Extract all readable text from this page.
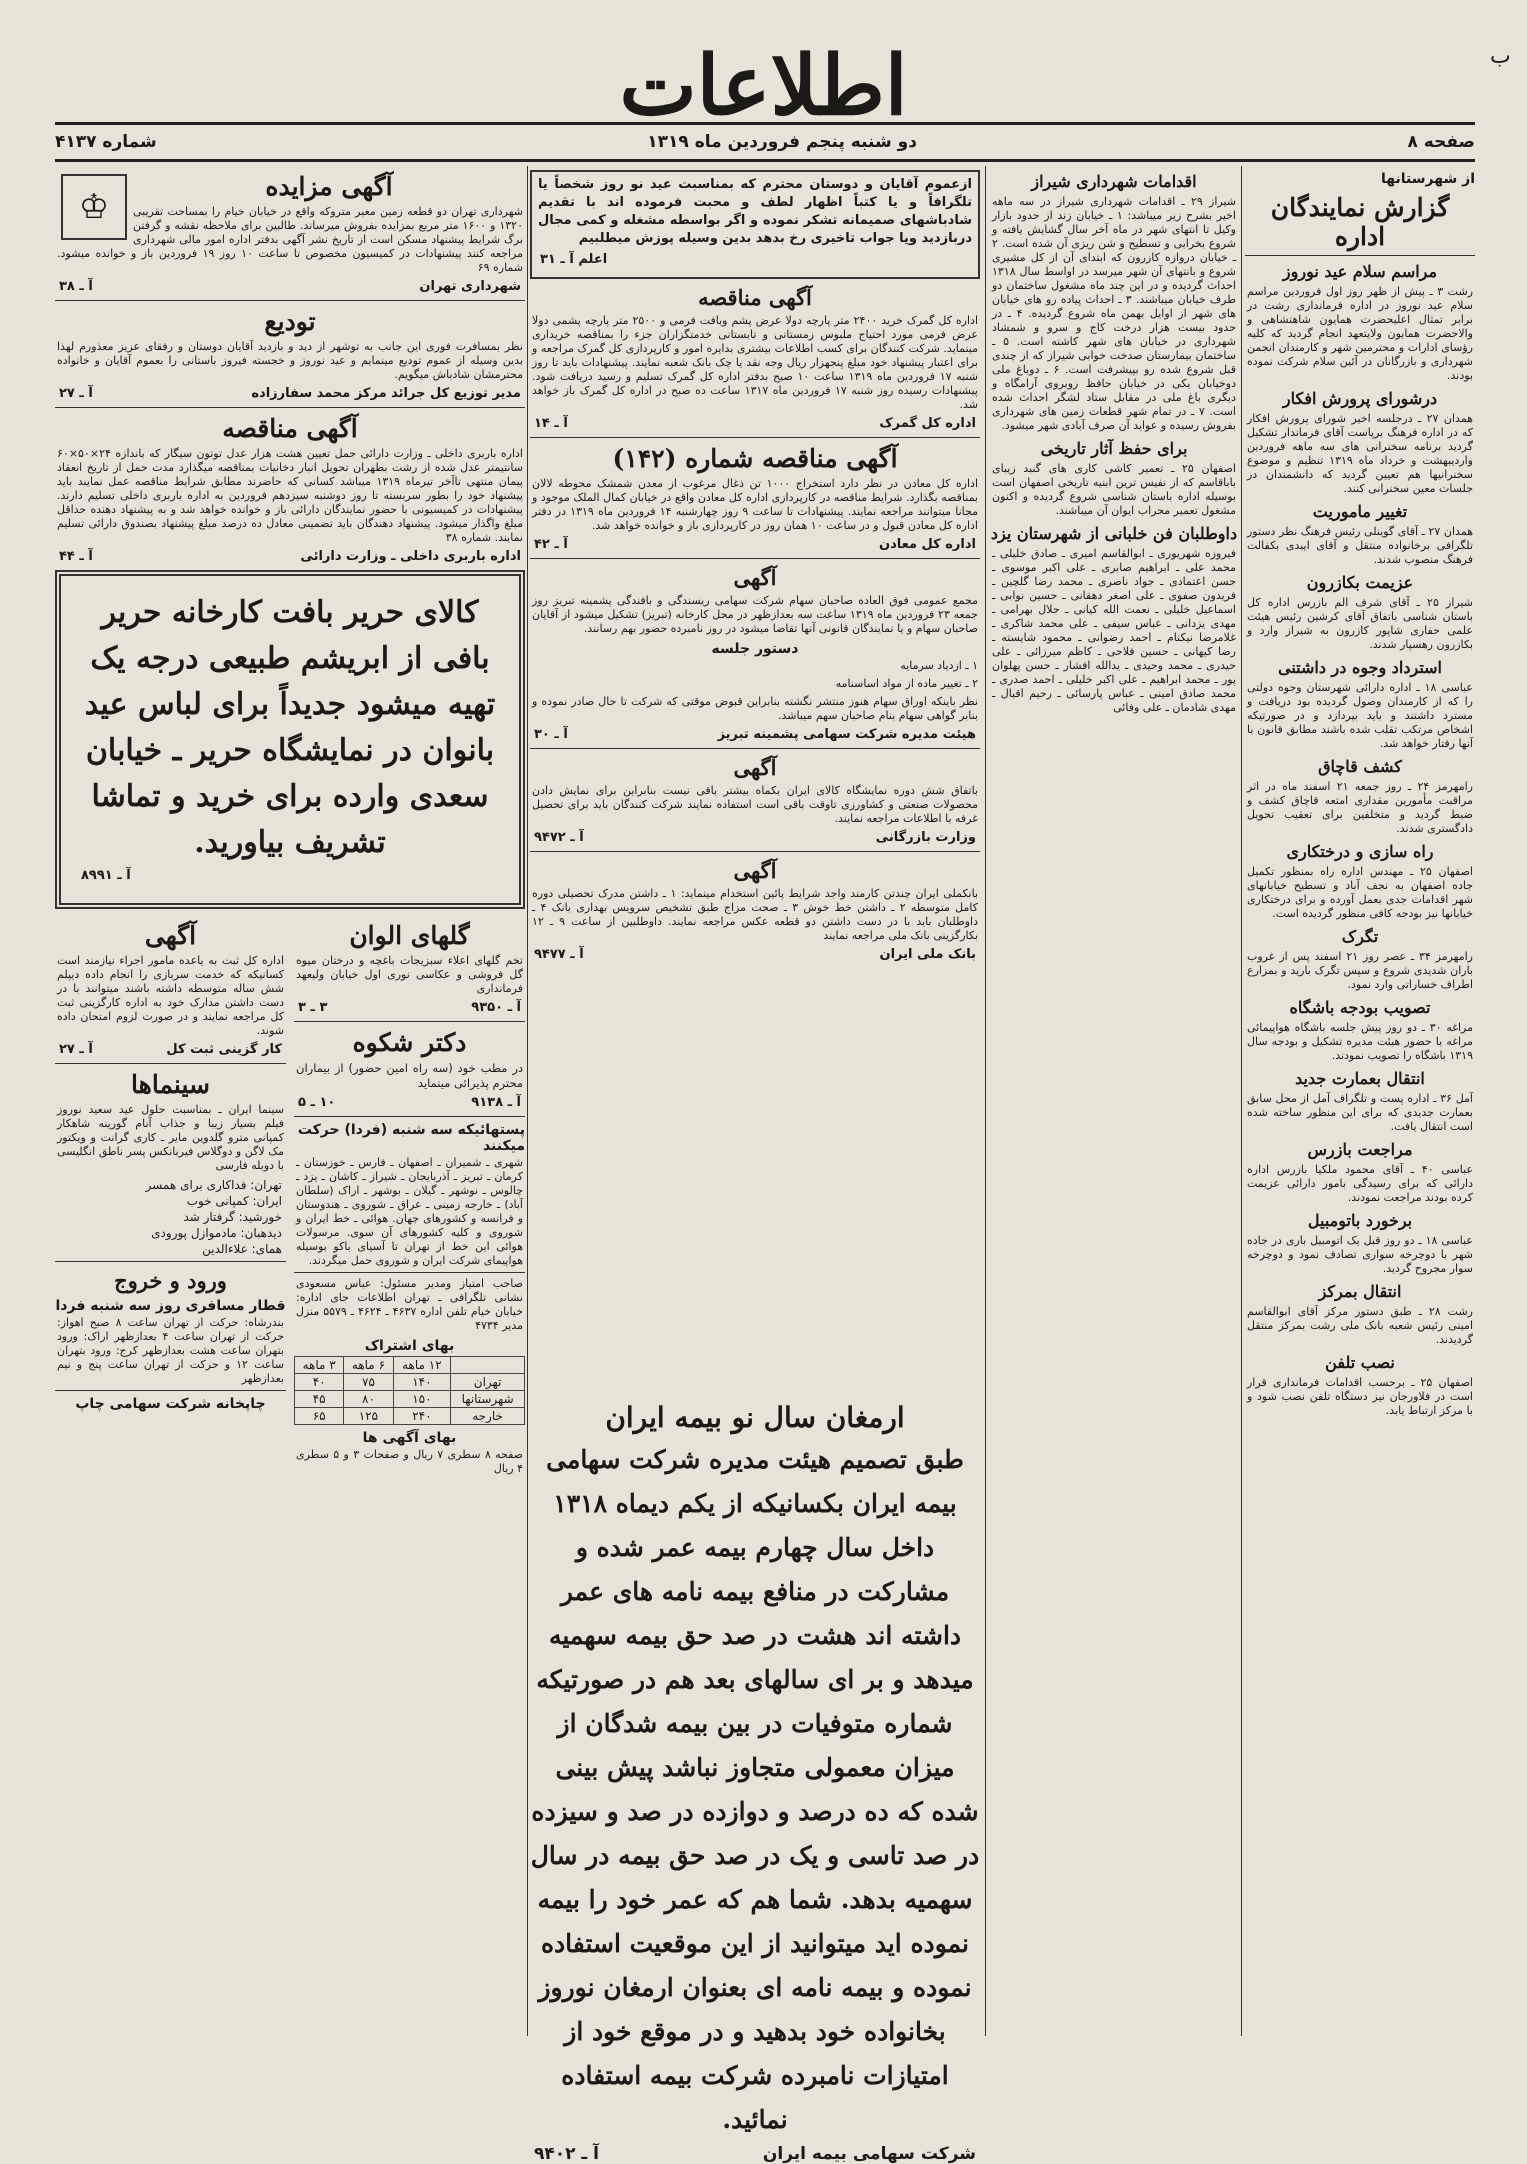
ب
اطلاعات
صفحه ۸
دو شنبه پنجم فروردین ماه ۱۳۱۹
شماره ۴۱۳۷
از شهرستانها
گزارش نمایندگان اداره
مراسم سلام عید نوروز
رشت ۳ ـ پیش از ظهر روز اول فروردین مراسم سلام عید نوروز در اداره فرمانداری رشت در برابر تمثال اعلیحضرت همایون شاهنشاهی و والاحضرت همایون ولایتعهد انجام گردید که کلیه رؤسای ادارات و محترمین شهر و کارمندان انجمن شهرداری و بازرگانان در آئین سلام شرکت نموده بودند.
درشورای پرورش افکار
همدان ۲۷ ـ درجلسه اخیر شورای پرورش افکار که در اداره فرهنگ برپاست آقای فرماندار تشکیل گردید برنامه سخنرانی های سه ماهه فروردین واردیبهشت و خرداد ماه ۱۳۱۹ تنظیم و موضوع سخنرانیها هم تعیین گردید که دانشمندان در جلسات معین سخنرانی کنند.
تغییر ماموریت
همدان ۲۷ ـ آقای گوینلی رئیس فرهنگ نظر دستور تلگرافی برخانواده منتقل و آقای ایبدی بکفالت فرهنگ منصوب شدند.
عزیمت بکازرون
شیراز ۲۵ ـ آقای شرف الم بازرس اداره کل باستان شناسی باتفاق آقای کرشین رئیس هیئت علمی حفاری شاپور کازرون به شیراز وارد و بکازرون رهسپار شدند.
استرداد وجوه در داشتنی
عباسی ۱۸ ـ اداره دارائی شهرستان وجوه دولتی را که از کارمندان وصول گردیده بود دریافت و مسترد داشتند و باید بپردازد و در صورتیکه اشخاص مرتکب تقلب شده باشند مطابق قانون با آنها رفتار خواهد شد.
کشف قاچاق
رامهرمز ۲۴ ـ روز جمعه ۲۱ اسفند ماه در اثر مراقبت مأمورین مقداری امتعه قاچاق کشف و ضبط گردید و متخلفین برای تعقیب تحویل دادگستری شدند.
راه سازی و درختکاری
اصفهان ۲۵ ـ مهندس اداره راه بمنظور تکمیل جاده اصفهان به نجف آباد و تسطیح خیابانهای شهر اقدامات جدی بعمل آورده و برای درختکاری خیابانها نیز بودجه کافی منظور گردیده است.
تگرک
رامهرمز ۳۴ ـ عصر روز ۲۱ اسفند پس از غروب باران شدیدی شروع و سپس تگرک بارید و بمزارع اطراف خساراتی وارد نمود.
تصویب بودجه باشگاه
مراغه ۳۰ ـ دو روز پیش جلسه باشگاه هواپیمائی مراغه با حضور هیئت مدیره تشکیل و بودجه سال ۱۳۱۹ باشگاه را تصویب نمودند.
انتقال بعمارت جدید
آمل ۳۶ ـ اداره پست و تلگراف آمل از محل سابق بعمارت جدیدی که برای این منظور ساخته شده است انتقال یافت.
مراجعت بازرس
عباسی ۴۰ ـ آقای محمود ملکیا بازرس اداره دارائی که برای رسیدگی بامور دارائی عزیمت کرده بودند مراجعت نمودند.
برخورد باتومبیل
عباسی ۱۸ ـ دو روز قبل یک اتومبیل باری در جاده شهر با دوچرخه سواری تصادف نمود و دوچرخه سوار مجروح گردید.
انتقال بمرکز
رشت ۲۸ ـ طبق دستور مرکز آقای ابوالقاسم امینی رئیس شعبه بانک ملی رشت بمرکز منتقل گردیدند.
نصب تلفن
اصفهان ۲۵ ـ برحسب اقدامات فرمانداری قرار است در فلاورجان نیز دستگاه تلفن نصب شود و با مرکز ارتباط یابد.
اقدامات شهرداری شیراز
شیراز ۲۹ ـ اقدامات شهرداری شیراز در سه ماهه اخیر بشرح زیر میباشد: ۱ ـ خیابان زند از حدود بازار وکیل تا انتهای شهر در ماه آخر سال گشایش یافته و شروع بخرابی و تسطیح و شن ریزی آن شده است. ۲ ـ خیابان دروازه کازرون که ابتدای آن از کل مشیری شروع و بانتهای آن شهر میرسد در اواسط سال ۱۳۱۸ احداث گردیده و در این چند ماه مشغول ساختمان دو طرف خیابان میباشند. ۳ ـ احداث پیاده رو های خیابان های شهر از اوایل بهمن ماه شروع گردیده. ۴ ـ در حدود بیست هزار درخت کاج و سرو و شمشاد شهرداری در خیابان های شهر کاشته است. ۵ ـ ساختمان بیمارستان صدخت خوابی شیراز که از چندی قبل شروع شده رو بپیشرفت است. ۶ ـ دوباغ ملی دوخیابان یکی در خیابان حافظ روبروی آرامگاه و دیگری باغ ملی در مقابل ستاد لشگر احداث شده است. ۷ ـ در تمام شهر قطعات زمین های شهرداری بفروش رسیده و عواید آن صرف آبادی شهر میشود.
برای حفظ آثار تاریخی
اصفهان ۲۵ ـ تعمیر کاشی کاری های گنبد زیبای باباقاسم که از نفیس ترین ابنیه تاریخی اصفهان است بوسیله اداره باستان شناسی شروع گردیده و اکنون مشغول تعمیر محراب ایوان آن میباشند.
داوطلبان فن خلبانی از شهرستان یزد
فیروزه شهریوری ـ ابوالقاسم امیری ـ صادق خلیلی ـ محمد علی ـ ابراهیم صابری ـ علی اکبر موسوی ـ حسن اعتمادی ـ جواد ناصری ـ محمد رضا گلچین ـ فریدون صفوی ـ علی اصغر دهقانی ـ حسین نوابی ـ اسماعیل خلیلی ـ نعمت الله کیانی ـ جلال بهرامی ـ مهدی یزدانی ـ عباس سیفی ـ علی محمد شاکری ـ غلامرضا نیکنام ـ احمد رضوانی ـ محمود شایسته ـ رضا کیهانی ـ حسین فلاحی ـ کاظم میرزائی ـ علی حیدری ـ محمد وحیدی ـ یدالله افشار ـ حسن پهلوان پور ـ محمد ابراهیم ـ علی اکبر خلیلی ـ احمد صدری ـ محمد صادق امینی ـ عباس پارسائی ـ رحیم اقبال ـ مهدی شادمان ـ علی وفائی
ازعموم آقایان و دوستان محترم که بمناسبت عید نو روز شخصاً یا تلگرافاً و یا کتباً اظهار لطف و محبت فرموده اند با تقدیم شادباشهای صمیمانه تشکر نموده و اگر بواسطه مشغله و کمی مجال دربازدید ویا جواب تاخیری رخ بدهد بدین وسیله پوزش میطلبیم
اعلم آ ـ ۳۱
آگهی مناقصه
اداره کل گمرک خرید ۲۴۰۰ متر پارچه دولا عرض پشم وبافت فرمی و ۲۵۰۰ متر پارچه پشمی دولا عرض فرمی مورد احتیاج ملبوس زمستانی و تابستانی خدمتگزاران جزء را بمناقصه خریداری مینماید. شرکت کنندگان برای کسب اطلاعات بیشتری بدایره امور و کارپردازی کل گمرک مراجعه و برای اعتبار پیشنهاد خود مبلغ پنجهزار ریال وجه نقد یا چک بانک شعبه نمایند. پیشنهادات باید تا روز شنبه ۱۷ فروردین ماه ۱۳۱۹ ساعت ۱۰ صبح بدفتر اداره کل گمرک تسلیم و رسید دریافت شود. پیشنهادات رسیده روز شنبه ۱۷ فروردین ماه ۱۳۱۷ ساعت ده صبح در اداره کل گمرک باز خواهد شد.
اداره کل گمرک
آ ـ ۱۴
آگهی مناقصه شماره (۱۴۲)
اداره کل معادن در نظر دارد استخراج ۱۰۰۰ تن ذغال مرغوب از معدن شمشک محوطه لالان بمناقصه بگذارد. شرایط مناقصه در کارپردازی اداره کل معادن واقع در خیابان کمال الملک موجود و مجانا میتوانند مراجعه نمایند. پیشنهادات تا ساعت ۹ روز چهارشنبه ۱۴ فروردین ماه ۱۳۱۹ در دفتر اداره کل معادن قبول و در ساعت ۱۰ همان روز در کارپردازی باز و خوانده خواهد شد.
اداره کل معادن
آ ـ ۴۲
آگهی
مجمع عمومی فوق العاده صاحبان سهام شرکت سهامی ریسندگی و بافندگی پشمینه تبریز روز جمعه ۲۳ فروردین ماه ۱۳۱۹ ساعت سه بعدازظهر در محل کارخانه (تبریز) تشکیل میشود از آقایان صاحبان سهام و یا نمایندگان قانونی آنها تقاضا میشود در روز نامبرده حضور بهم رسانند.
دستور جلسه
۱ ـ ازدیاد سرمایه
۲ ـ تغییر ماده از مواد اساسنامه
نظر باینکه اوراق سهام هنوز منتشر نگشته بنابراین قبوض موقتی که شرکت تا حال صادر نموده و بنابر گواهی سهام بنام صاحبان سهم میباشد.
هیئت مدیره شرکت سهامی پشمینه تبریز
آ ـ ۳۰
آگهی
باتفاق شش دوره نمایشگاه کالای ایران بکماه بیشتر باقی نیست بنابراین برای نمایش دادن محصولات صنعتی و کشاورزی تاوقت باقی است استفاده نمایند شرکت کنندگان باید برای تحصیل غرفه با اطلاعات مراجعه نمایند.
وزارت بازرگانی
آ ـ ۹۴۷۲
آگهی
بانکملی ایران چندتن کارمند واجد شرایط پائین استخدام مینماید: ۱ ـ داشتن مدرک تحصیلی دوره کامل متوسطه ۲ ـ داشتن خط خوش ۳ ـ صحت مزاج طبق تشخیص سرویس بهداری بانک ۴ ـ داوطلبان باید با در دست داشتن دو قطعه عکس مراجعه نمایند. داوطلبین از ساعت ۹ ـ ۱۲ بکارگزینی بانک ملی مراجعه نمایند
بانک ملی ایران
آ ـ ۹۴۷۷
ارمغان سال نو بیمه ایران
طبق تصمیم هیئت مدیره شرکت سهامی بیمه ایران بکسانیکه از یکم دیماه ۱۳۱۸ داخل سال چهارم بیمه عمر شده و مشارکت در منافع بیمه نامه های عمر داشته اند هشت در صد حق بیمه سهمیه میدهد و بر ای سالهای بعد هم در صورتیکه شماره متوفیات در بین بیمه شدگان از میزان معمولی متجاوز نباشد پیش بینی شده که ده درصد و دوازده در صد و سیزده در صد تاسی و یک در صد حق بیمه در سال سهمیه بدهد. شما هم که عمر خود را بیمه نموده اید میتوانید از این موقعیت استفاده نموده و بیمه نامه ای بعنوان ارمغان نوروز بخانواده خود بدهید و در موقع خود از امتیازات نامبرده شرکت بیمه استفاده نمائید.
شرکت سهامی بیمه ایران
آ ـ ۹۴۰۲
♔
آگهی مزایده
شهرداری تهران دو قطعه زمین معبر متروکه واقع در خیابان خیام را بمساحت تقریبی ۱۳۲۰ و ۱۶۰۰ متر مربع بمزایده بفروش میرساند. طالبین برای ملاحظه نقشه و گرفتن برگ شرایط پیشنهاد مسکن است از تاریخ نشر آگهی بدفتر اداره امور مالی شهرداری مراجعه کنند پیشنهادات در کمیسیون مخصوص تا ساعت ۱۰ روز ۱۹ فروردین باز و خوانده میشود. شماره ۶۹
شهرداری تهران
آ ـ ۳۸
تودیع
نظر بمسافرت فوری این جانب به توشهر از دید و بازدید آقایان دوستان و رفقای عزیز معذورم لهذا بدین وسیله از عموم تودیع مینمایم و عید نوروز و خجسته فیروز باستانی را بعموم آقایان و خانواده محترمشان شادباش میگویم.
مدیر توزیع کل جرائد مرکز محمد سفارزاده
آ ـ ۲۷
آگهی مناقصه
اداره باربری داخلی ـ وزارت دارائی حمل تعیین هشت هزار عدل توتون سیگار که باندازه ۲۴×۵۰×۶۰ سانتیمتر عدل شده از رشت بطهران تحویل انبار دخانیات بمناقصه میگذارد مدت حمل از تاریخ انعقاد پیمان منتهی تاآخر تیرماه ۱۳۱۹ میباشد کسانی که حاضرند مطابق شرایط مناقصه عمل نمایند باید پیشنهاد خود را بطور سربسته تا روز دوشنبه سیزدهم فروردین به اداره باربری داخلی تسلیم دارند. پیشنهادات در کمیسیونی با حضور نمایندگان دارائی باز و خوانده خواهد شد و به پیشنهاد دهنده حداقل مبلغ واگذار میشود. پیشنهاد دهندگان باید تضمینی معادل ده درصد مبلغ پیشنهاد بصندوق دارائی تسلیم نمایند. شماره ۳۸
اداره باربری داخلی ـ وزارت دارائی
آ ـ ۴۴
کالای حریر بافت کارخانه حریر بافی از ابریشم طبیعی درجه یک تهیه میشود جدیداً برای لباس عید بانوان در نمایشگاه حریر ـ خیابان سعدی وارده برای خرید و تماشا تشریف بیاورید.
آ ـ ۸۹۹۱
گلهای الوان
تخم گلهای اعلاء سبزیجات باغچه و درختان میوه گل فروشی و عکاسی نوری اول خیابان ولیعهد فرمانداری
آ ـ ۹۳۵۰
۳ ـ ۳
دکتر شکوه
در مطب خود (سه راه امین حضور) از بیماران محترم پذیرائی مینماید
آ ـ ۹۱۳۸
۱۰ ـ ۵
پستهائیکه سه شنبه (فردا) حرکت میکنند
شهری ـ شمیران ـ اصفهان ـ فارس ـ خوزستان ـ کرمان ـ تبریز ـ آذربایجان ـ شیراز ـ کاشان ـ یزد ـ چالوس ـ نوشهر ـ گیلان ـ بوشهر ـ اراک (سلطان آباد) ـ خارجه زمینی ـ عراق ـ شوروی ـ هندوستان و فرانسه و کشورهای جهان. هوائی ـ خط ایران و شوروی و کلیه کشورهای آن سوی. مرسولات هوائی این خط از تهران تا آسیای باکو بوسیله هواپیمای شرکت ایران و شوروی حمل میگردند.
صاحب امتیاز ومدیر مسئول: عباس مسعودی نشانی تلگرافی ـ تهران اطلاعات جای اداره: خیابان خیام تلفن اداره ۴۶۳۷ ـ ۴۶۲۴ ـ ۵۵۷۹ منزل مدیر ۴۷۳۴
بهای اشتراک
	۱۲ ماهه	۶ ماهه	۳ ماهه
تهران	۱۴۰	۷۵	۴۰
شهرستانها	۱۵۰	۸۰	۴۵
خارجه	۲۴۰	۱۲۵	۶۵
بهای آگهی ها
صفحه ۸ سطری ۷ ریال و صفحات ۳ و ۵ سطری ۴ ریال
آگهی
اداره کل ثبت به یاعده مامور اجراء نیازمند است کسانیکه که خدمت سربازی را انجام داده دیپلم شش ساله متوسطه داشته باشند میتوانند با در دست داشتن مدارک خود به اداره کارگزینی ثبت کل مراجعه نمایند و در صورت لزوم امتحان داده شوند.
کار گزینی ثبت کل
آ ـ ۲۷
سینماها
سینما ایران ـ بمناسبت حلول عید سعید نوروز فیلم بسیار زیبا و جذاب آنام گورینه شاهکار کمپانی مترو گلدوین مایر ـ کاری گرانت و ویکتور مک لاگن و دوگلاس فیربانکس پسر ناطق انگلیسی با دوبله فارسی
تهران: فداکاری برای همسر
ایران: کمپانی خوب
خورشید: گرفتار شد
دیدهبان: مادموازل پورودی
همای: علاءالدین
ورود و خروج
قطار مسافری روز سه شنبه فردا
بندرشاه: حرکت از تهران ساعت ۸ صبح اهواز: حرکت از تهران ساعت ۴ بعدازظهر اراک: ورود بتهران ساعت هشت بعدازظهر کرج: ورود بتهران ساعت ۱۲ و حرکت از تهران ساعت پنج و نیم بعدازظهر
چاپخانه شرکت سهامی چاپ
